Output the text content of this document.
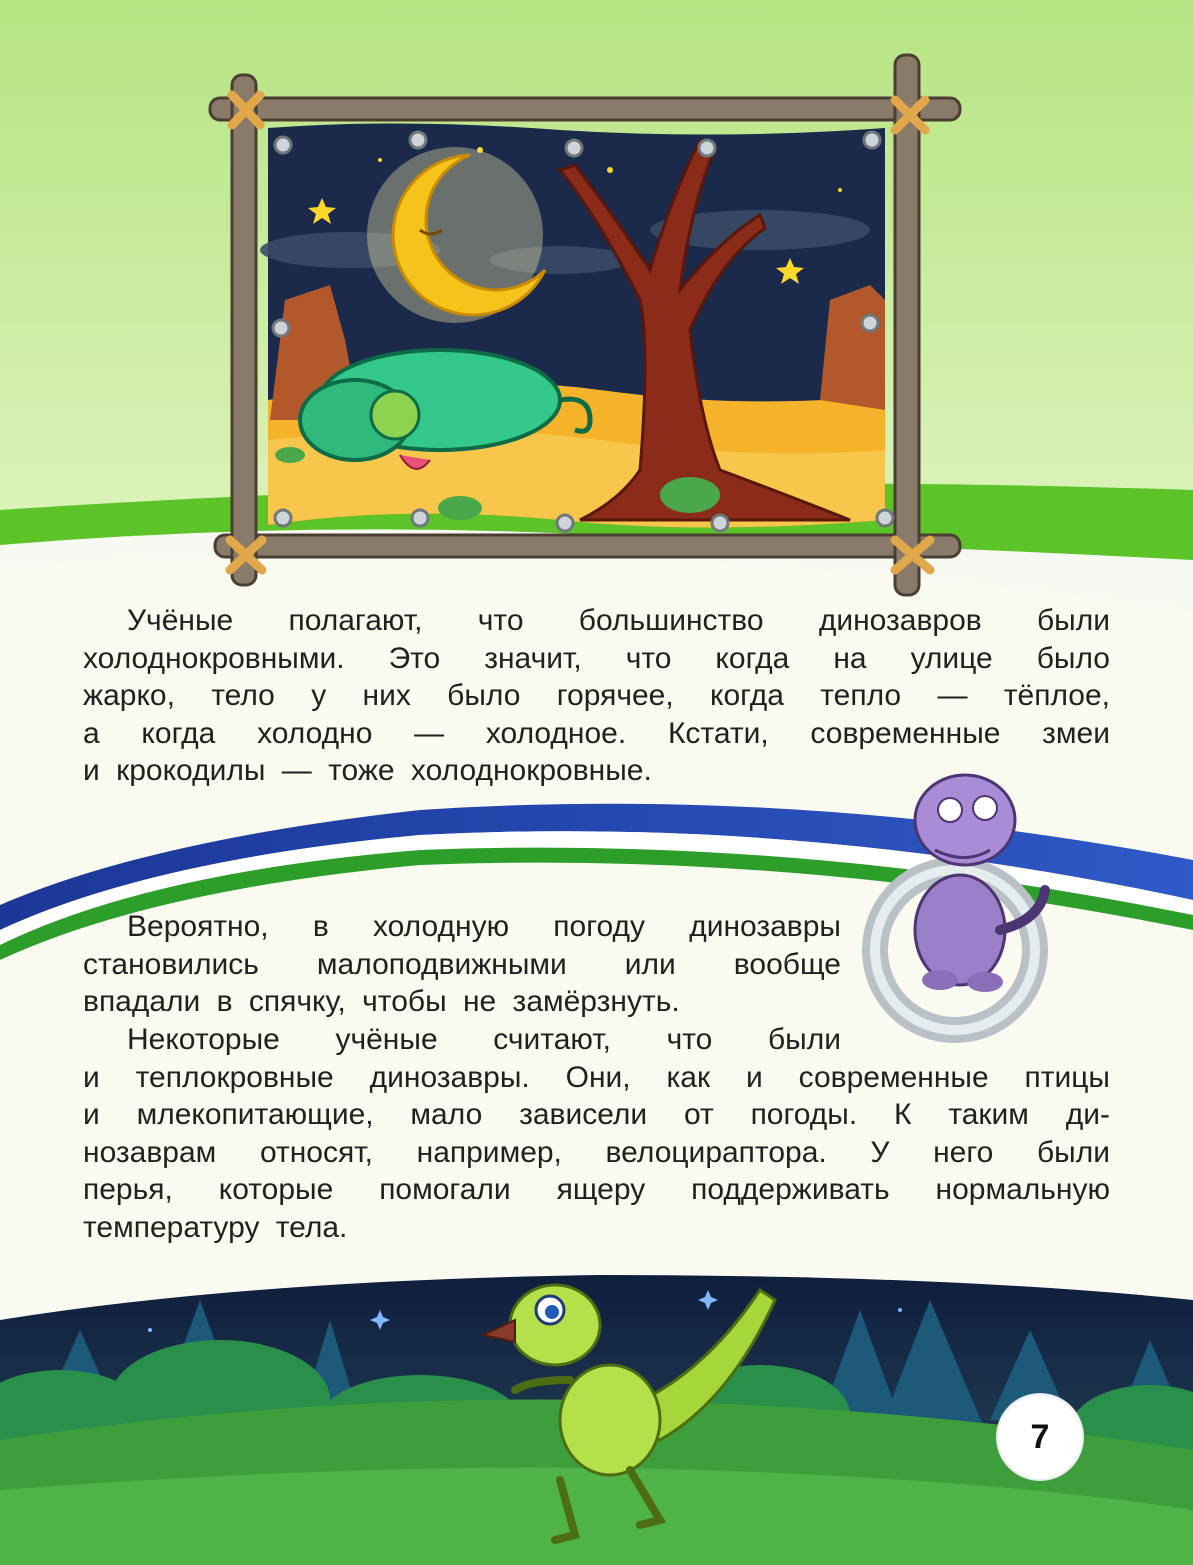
Учёные полагают, что большинство динозавров были
холоднокровными. Это значит, что когда на улице было
жарко, тело у них было горячее, когда тепло — тёплое,
а когда холодно — холодное. Кстати, современные змеи
и крокодилы — тоже холоднокровные.
Вероятно, в холодную погоду динозавры
становились малоподвижными или вообще
впадали в спячку, чтобы не замёрзнуть.
Некоторые учёные считают, что были
и теплокровные динозавры. Они, как и современные птицы
и млекопитающие, мало зависели от погоды. К таким ди-
нозаврам относят, например, велоцираптора. У него были
перья, которые помогали ящеру поддерживать нормальную
температуру тела.
7
